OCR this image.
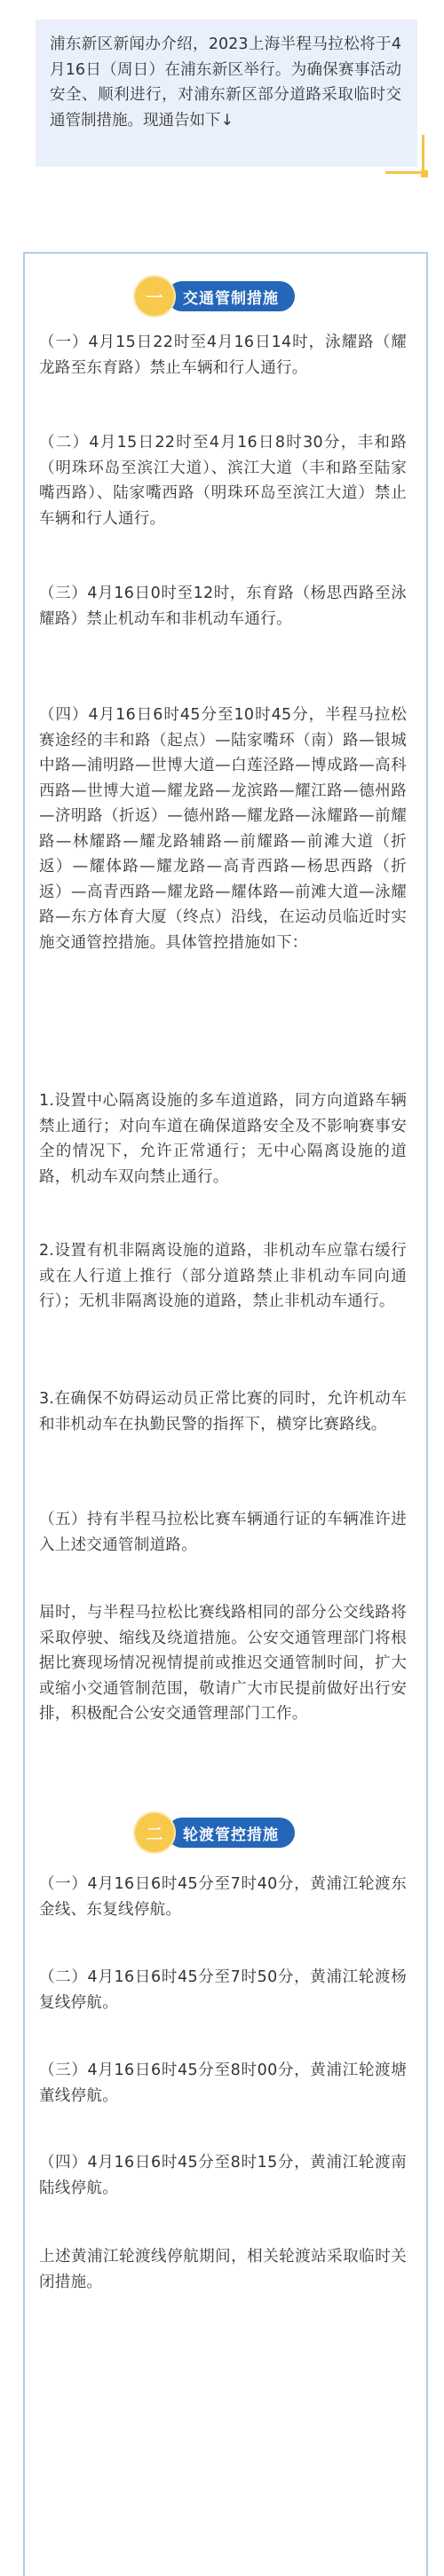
浦东新区新闻办介绍，2023上海半程马拉松将于4月16日（周日）在浦东新区举行。为确保赛事活动安全、顺利进行，对浦东新区部分道路采取临时交通管制措施。现通告如下↓

一	交通管制措施

（一）4月15日22时至4月16日14时，泳耀路（耀龙路至东育路）禁止车辆和行人通行。

（二）4月15日22时至4月16日8时30分，丰和路（明珠环岛至滨江大道）、滨江大道（丰和路至陆家嘴西路）、陆家嘴西路（明珠环岛至滨江大道）禁止车辆和行人通行。

（三）4月16日0时至12时，东育路（杨思西路至泳耀路）禁止机动车和非机动车通行。

（四）4月16日6时45分至10时45分，半程马拉松赛途经的丰和路（起点）—陆家嘴环（南）路—银城中路—浦明路—世博大道—白莲泾路—博成路—高科西路—世博大道—耀龙路—龙滨路—耀江路—德州路—济明路（折返）—德州路—耀龙路—泳耀路—前耀路—林耀路—耀龙路辅路—前耀路—前滩大道（折返）—耀体路—耀龙路—高青西路—杨思西路（折返）—高青西路—耀龙路—耀体路—前滩大道—泳耀路—东方体育大厦（终点）沿线，在运动员临近时实施交通管控措施。具体管控措施如下：

1.设置中心隔离设施的多车道道路，同方向道路车辆禁止通行；对向车道在确保道路安全及不影响赛事安全的情况下，允许正常通行；无中心隔离设施的道路，机动车双向禁止通行。

2.设置有机非隔离设施的道路，非机动车应靠右缓行或在人行道上推行（部分道路禁止非机动车同向通行）；无机非隔离设施的道路，禁止非机动车通行。

3.在确保不妨碍运动员正常比赛的同时，允许机动车和非机动车在执勤民警的指挥下，横穿比赛路线。

（五）持有半程马拉松比赛车辆通行证的车辆准许进入上述交通管制道路。

届时，与半程马拉松比赛线路相同的部分公交线路将采取停驶、缩线及绕道措施。公安交通管理部门将根据比赛现场情况视情提前或推迟交通管制时间，扩大或缩小交通管制范围，敬请广大市民提前做好出行安排，积极配合公安交通管理部门工作。

二	轮渡管控措施

（一）4月16日6时45分至7时40分，黄浦江轮渡东金线、东复线停航。

（二）4月16日6时45分至7时50分，黄浦江轮渡杨复线停航。

（三）4月16日6时45分至8时00分，黄浦江轮渡塘董线停航。

（四）4月16日6时45分至8时15分，黄浦江轮渡南陆线停航。

上述黄浦江轮渡线停航期间，相关轮渡站采取临时关闭措施。
